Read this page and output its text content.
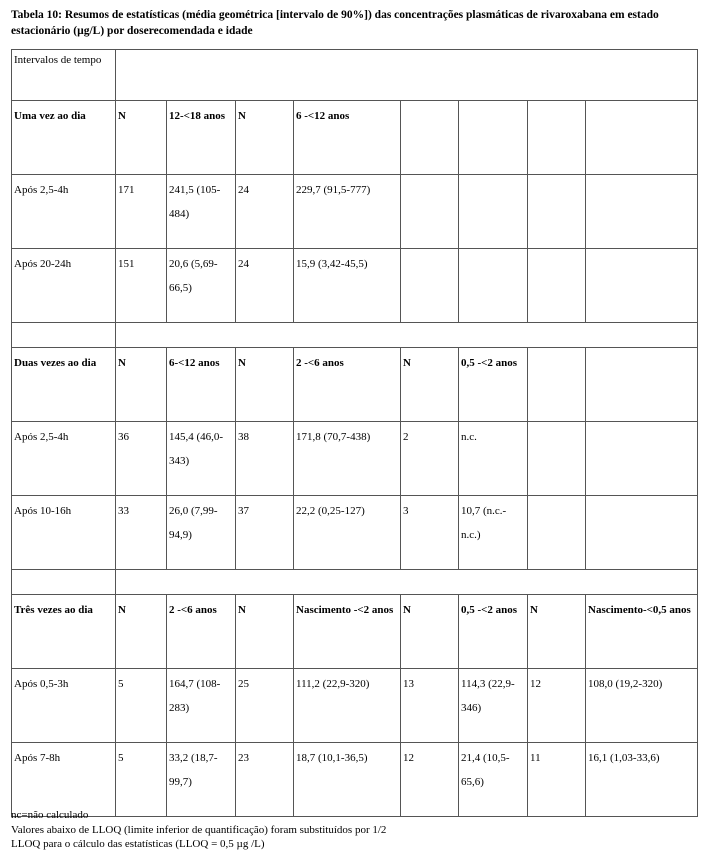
Tabela 10: Resumos de estatísticas (média geométrica [intervalo de 90%]) das concentrações plasmáticas de rivaroxabana em estado estacionário (µg/L) por doserecomendada e idade
Intervalos de tempo								
Uma vez ao dia	N	12-<18 anos	N	6 -<12 anos				
Após 2,5-4h	171	241,5 (105-484)	24	229,7 (91,5-777)				
Após 20-24h	151	20,6 (5,69-66,5)	24	15,9 (3,42-45,5)				

Duas vezes ao dia	N	6-<12 anos	N	2 -<6 anos	N	0,5 -<2 anos		
Após 2,5-4h	36	145,4 (46,0-343)	38	171,8 (70,7-438)	2	n.c.		
Após 10-16h	33	26,0 (7,99-94,9)	37	22,2 (0,25-127)	3	10,7 (n.c.-n.c.)		

Três vezes ao dia	N	2 -<6 anos	N	Nascimento -<2 anos	N	0,5 -<2 anos	N	Nascimento-<0,5 anos
Após 0,5-3h	5	164,7 (108-283)	25	111,2 (22,9-320)	13	114,3 (22,9-346)	12	108,0 (19,2-320)
Após 7-8h	5	33,2 (18,7-99,7)	23	18,7 (10,1-36,5)	12	21,4 (10,5-65,6)	11	16,1 (1,03-33,6)
nc=não calculado
Valores abaixo de LLOQ (limite inferior de quantificação) foram substituídos por 1/2
LLOQ para o cálculo das estatísticas (LLOQ = 0,5 µg /L)
